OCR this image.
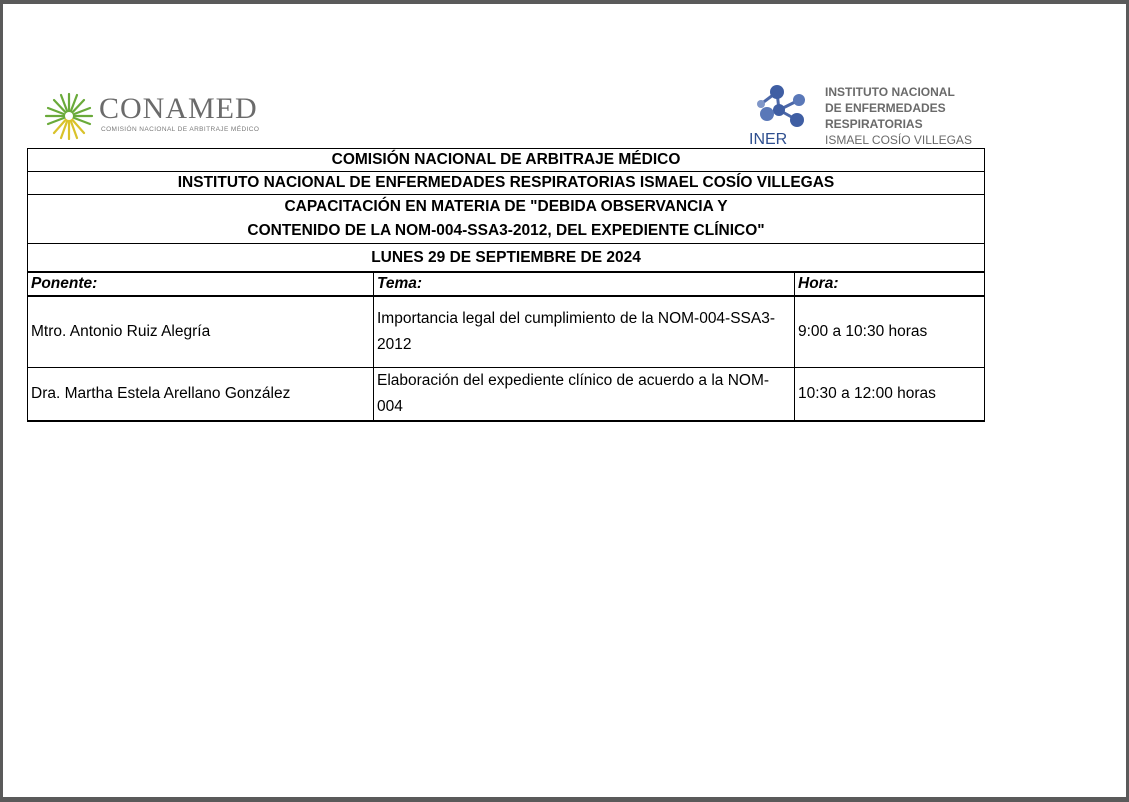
CONAMED
COMISIÓN NACIONAL DE ARBITRAJE MÉDICO
INER
INSTITUTO NACIONAL
DE ENFERMEDADES
RESPIRATORIAS
ISMAEL COSÍO VILLEGAS
COMISIÓN NACIONAL DE ARBITRAJE MÉDICO		
INSTITUTO NACIONAL DE ENFERMEDADES RESPIRATORIAS ISMAEL COSÍO VILLEGAS		

CAPACITACIÓN EN MATERIA DE "DEBIDA OBSERVANCIA Y
CONTENIDO DE LA NOM-004-SSA3-2012, DEL EXPEDIENTE CLÍNICO"		

LUNES 29 DE SEPTIEMBRE DE 2024		
Ponente:	Tema:	Hora:
Mtro. Antonio Ruiz Alegría	Importancia legal del cumplimiento de la NOM-004-SSA3-2012	9:00 a 10:30 horas
Dra. Martha Estela Arellano González	Elaboración del expediente clínico de acuerdo a la NOM-004	10:30 a 12:00 horas
